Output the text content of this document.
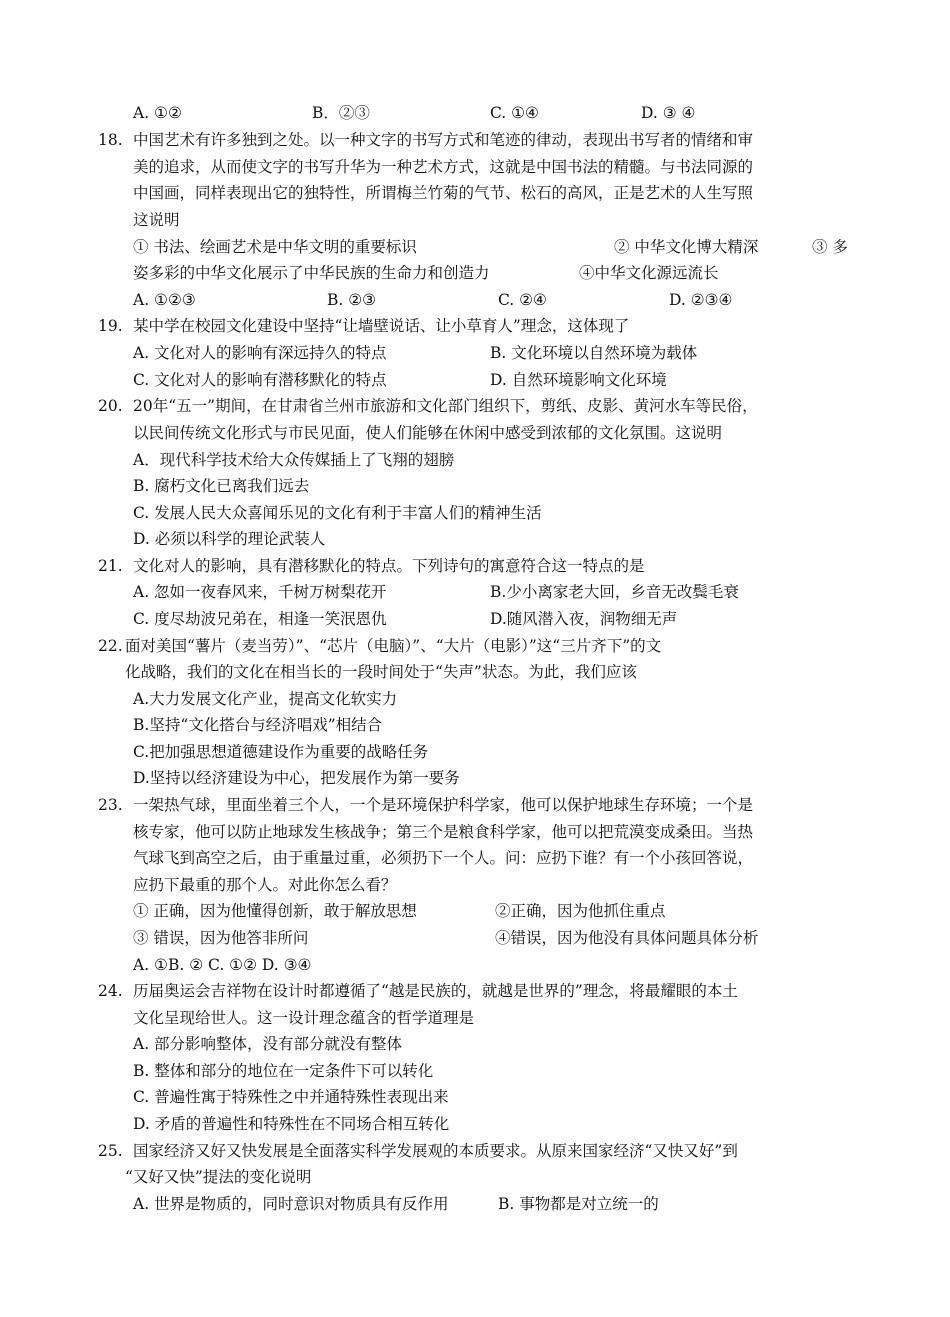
A. ①②	B．②③	C. ①④	D. ③ ④
18. 中国艺术有许多独到之处。以一种文字的书写方式和笔迹的律动，表现出书写者的情绪和审
美的追求，从而使文字的书写升华为一种艺术方式，这就是中国书法的精髓。与书法同源的
中国画，同样表现出它的独特性，所谓梅兰竹菊的气节、松石的高风，正是艺术的人生写照
这说明
① 书法、绘画艺术是中华文明的重要标识	② 中华文化博大精深	③ 多
姿多彩的中华文化展示了中华民族的生命力和创造力	④中华文化源远流长
A. ①②③	B. ②③	C. ②④	D. ②③④
19. 某中学在校园文化建设中坚持“让墙壁说话、让小草育人”理念，这体现了
A. 文化对人的影响有深远持久的特点	B. 文化环境以自然环境为载体
C. 文化对人的影响有潜移默化的特点	D. 自然环境影响文化环境
20. 20年“五一”期间，在甘肃省兰州市旅游和文化部门组织下，剪纸、皮影、黄河水车等民俗，
以民间传统文化形式与市民见面，使人们能够在休闲中感受到浓郁的文化氛围。这说明
A．现代科学技术给大众传媒插上了飞翔的翅膀
B. 腐朽文化已离我们远去
C. 发展人民大众喜闻乐见的文化有利于丰富人们的精神生活
D. 必须以科学的理论武装人
21. 文化对人的影响，具有潜移默化的特点。下列诗句的寓意符合这一特点的是
A. 忽如一夜春风来，千树万树梨花开	B.少小离家老大回，乡音无改鬓毛衰
C. 度尽劫波兄弟在，相逢一笑泯恩仇	D.随风潜入夜，润物细无声
22. 面对美国“薯片（麦当劳）”、“芯片（电脑）”、“大片（电影）”这“三片齐下”的文
化战略，我们的文化在相当长的一段时间处于“失声”状态。为此，我们应该
A.大力发展文化产业，提高文化软实力
B.坚持“文化搭台与经济唱戏”相结合
C.把加强思想道德建设作为重要的战略任务
D.坚持以经济建设为中心，把发展作为第一要务
23. 一架热气球，里面坐着三个人，一个是环境保护科学家，他可以保护地球生存环境；一个是
核专家，他可以防止地球发生核战争；第三个是粮食科学家，他可以把荒漠变成桑田。当热
气球飞到高空之后，由于重量过重，必须扔下一个人。问：应扔下谁？有一个小孩回答说，
应扔下最重的那个人。对此你怎么看？
① 正确，因为他懂得创新，敢于解放思想	②正确，因为他抓住重点
③ 错误，因为他答非所问	④错误，因为他没有具体问题具体分析
A. ①B. ② C. ①② D. ③④
24. 历届奥运会吉祥物在设计时都遵循了“越是民族的，就越是世界的”理念，将最耀眼的本土
文化呈现给世人。这一设计理念蕴含的哲学道理是
A. 部分影响整体，没有部分就没有整体
B. 整体和部分的地位在一定条件下可以转化
C. 普遍性寓于特殊性之中并通特殊性表现出来
D. 矛盾的普遍性和特殊性在不同场合相互转化
25. 国家经济又好又快发展是全面落实科学发展观的本质要求。从原来国家经济“又快又好”到
“又好又快”提法的变化说明
A. 世界是物质的，同时意识对物质具有反作用	B. 事物都是对立统一的
